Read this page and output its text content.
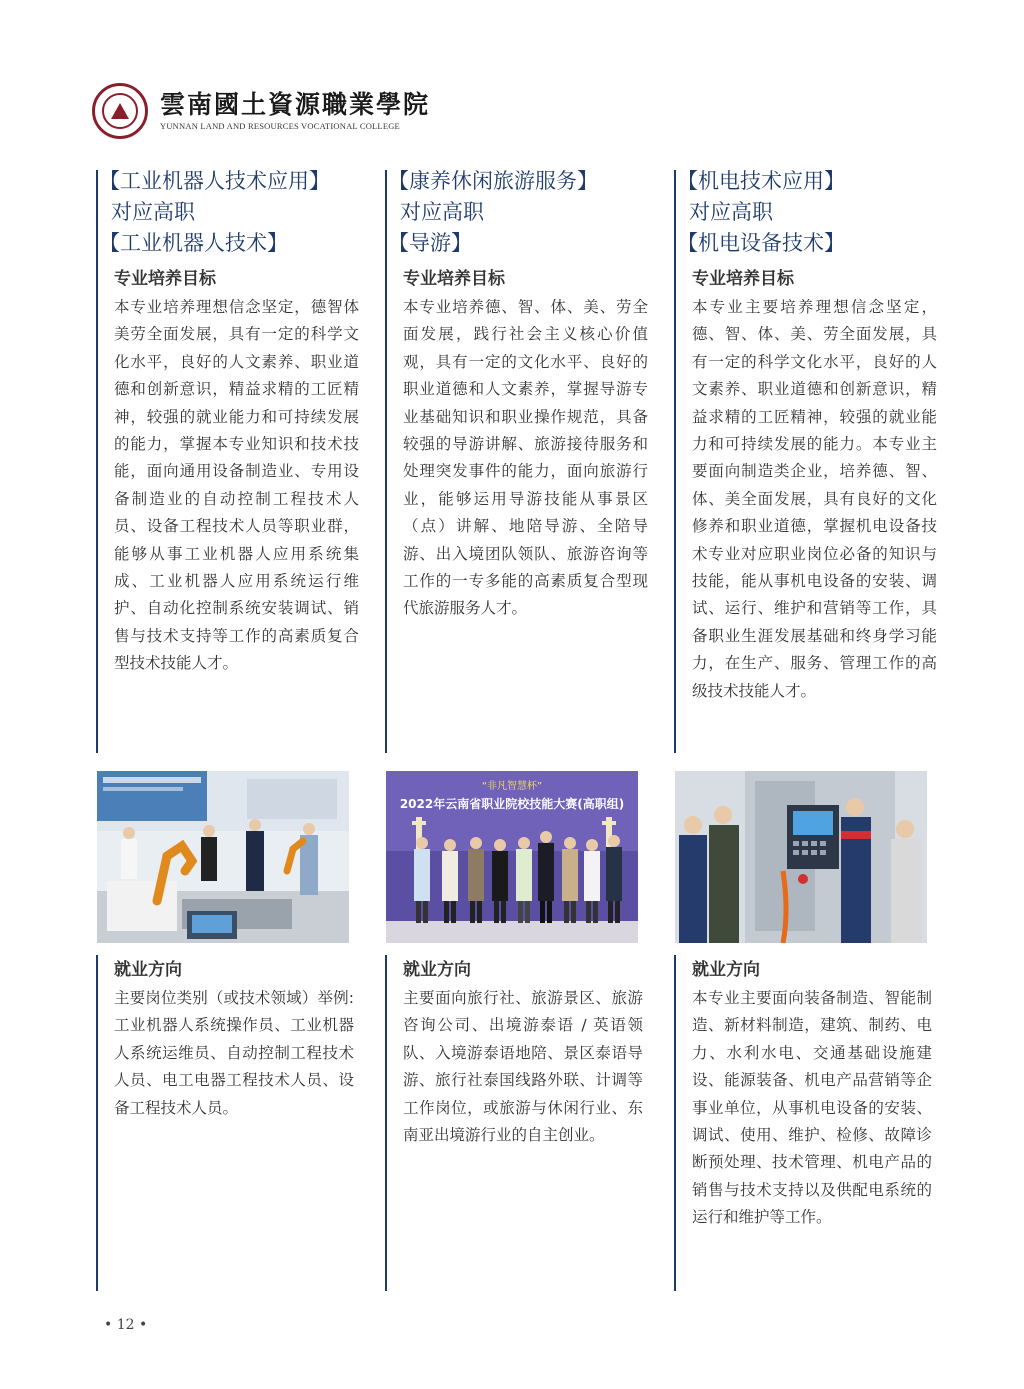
雲南國土資源職業學院
YUNNAN LAND AND RESOURCES VOCATIONAL COLLEGE
【工业机器人技术应用】
对应高职
【工业机器人技术】
专业培养目标
本专业培养理想信念坚定，德智体美劳全面发展，具有一定的科学文化水平，良好的人文素养、职业道德和创新意识，精益求精的工匠精神，较强的就业能力和可持续发展的能力，掌握本专业知识和技术技能，面向通用设备制造业、专用设备制造业的自动控制工程技术人员、设备工程技术人员等职业群，能够从事工业机器人应用系统集成、工业机器人应用系统运行维护、自动化控制系统安装调试、销售与技术支持等工作的高素质复合型技术技能人才。
【康养休闲旅游服务】
对应高职
【导游】
专业培养目标
本专业培养德、智、体、美、劳全面发展，践行社会主义核心价值观，具有一定的文化水平、良好的职业道德和人文素养，掌握导游专业基础知识和职业操作规范，具备较强的导游讲解、旅游接待服务和处理突发事件的能力，面向旅游行业，能够运用导游技能从事景区（点）讲解、地陪导游、全陪导游、出入境团队领队、旅游咨询等工作的一专多能的高素质复合型现代旅游服务人才。
【机电技术应用】
对应高职
【机电设备技术】
专业培养目标
本专业主要培养理想信念坚定，德、智、体、美、劳全面发展，具有一定的科学文化水平，良好的人文素养、职业道德和创新意识，精益求精的工匠精神，较强的就业能力和可持续发展的能力。本专业主要面向制造类企业，培养德、智、体、美全面发展，具有良好的文化修养和职业道德，掌握机电设备技术专业对应职业岗位必备的知识与技能，能从事机电设备的安装、调试、运行、维护和营销等工作，具备职业生涯发展基础和终身学习能力，在生产、服务、管理工作的高级技术技能人才。
“非凡智慧杯”
2022年云南省职业院校技能大赛(高职组)
就业方向
主要岗位类别（或技术领域）举例: 工业机器人系统操作员、工业机器人系统运维员、自动控制工程技术人员、电工电器工程技术人员、设备工程技术人员。
就业方向
主要面向旅行社、旅游景区、旅游咨询公司、出境游泰语 / 英语领队、入境游泰语地陪、景区泰语导游、旅行社泰国线路外联、计调等工作岗位，或旅游与休闲行业、东南亚出境游行业的自主创业。
就业方向
本专业主要面向装备制造、智能制造、新材料制造，建筑、制药、电力、水利水电、交通基础设施建设、能源装备、机电产品营销等企事业单位，从事机电设备的安装、调试、使用、维护、检修、故障诊断预处理、技术管理、机电产品的销售与技术支持以及供配电系统的运行和维护等工作。
• 12 •
